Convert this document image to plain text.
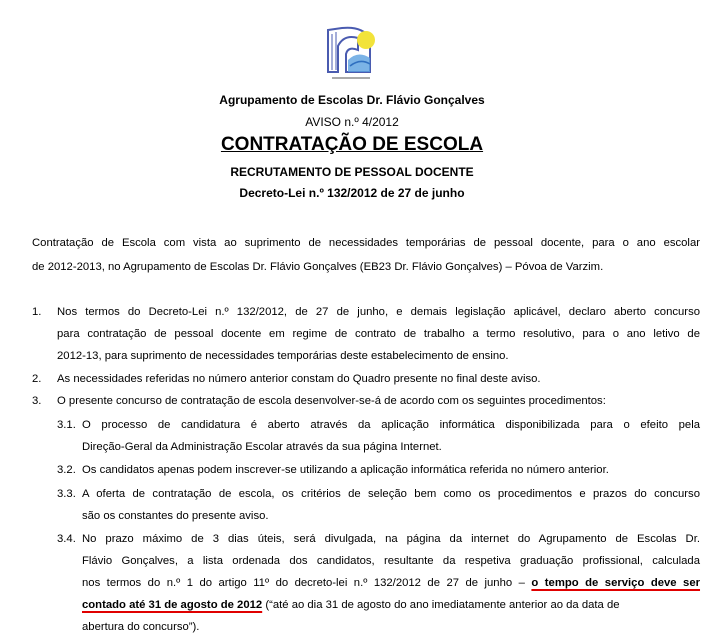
Agrupamento de Escolas Dr. Flávio Gonçalves
AVISO n.º 4/2012
CONTRATAÇÃO DE ESCOLA
RECRUTAMENTO DE PESSOAL DOCENTE
Decreto-Lei n.º 132/2012 de 27 de junho
Contratação de Escola com vista ao suprimento de necessidades temporárias de pessoal docente, para o ano escolar
de 2012-2013, no Agrupamento de Escolas Dr. Flávio Gonçalves (EB23 Dr. Flávio Gonçalves) – Póvoa de Varzim.
1. Nos termos do Decreto-Lei n.º 132/2012, de 27 de junho, e demais legislação aplicável, declaro aberto concurso
para contratação de pessoal docente em regime de contrato de trabalho a termo resolutivo, para o ano letivo de
2012-13, para suprimento de necessidades temporárias deste estabelecimento de ensino.
2. As necessidades referidas no número anterior constam do Quadro presente no final deste aviso.
3. O presente concurso de contratação de escola desenvolver-se-á de acordo com os seguintes procedimentos:
3.1. O processo de candidatura é aberto através da aplicação informática disponibilizada para o efeito pela
Direção-Geral da Administração Escolar através da sua página Internet.
3.2. Os candidatos apenas podem inscrever-se utilizando a aplicação informática referida no número anterior.
3.3. A oferta de contratação de escola, os critérios de seleção bem como os procedimentos e prazos do concurso
são os constantes do presente aviso.
3.4. No prazo máximo de 3 dias úteis, será divulgada, na página da internet do Agrupamento de Escolas Dr.
Flávio Gonçalves, a lista ordenada dos candidatos, resultante da respetiva graduação profissional, calculada
nos termos do n.º 1 do artigo 11º do decreto-lei n.º 132/2012 de 27 de junho – o tempo de serviço deve ser
contado até 31 de agosto de 2012 (“até ao dia 31 de agosto do ano imediatamente anterior ao da data de
abertura do concurso”).
